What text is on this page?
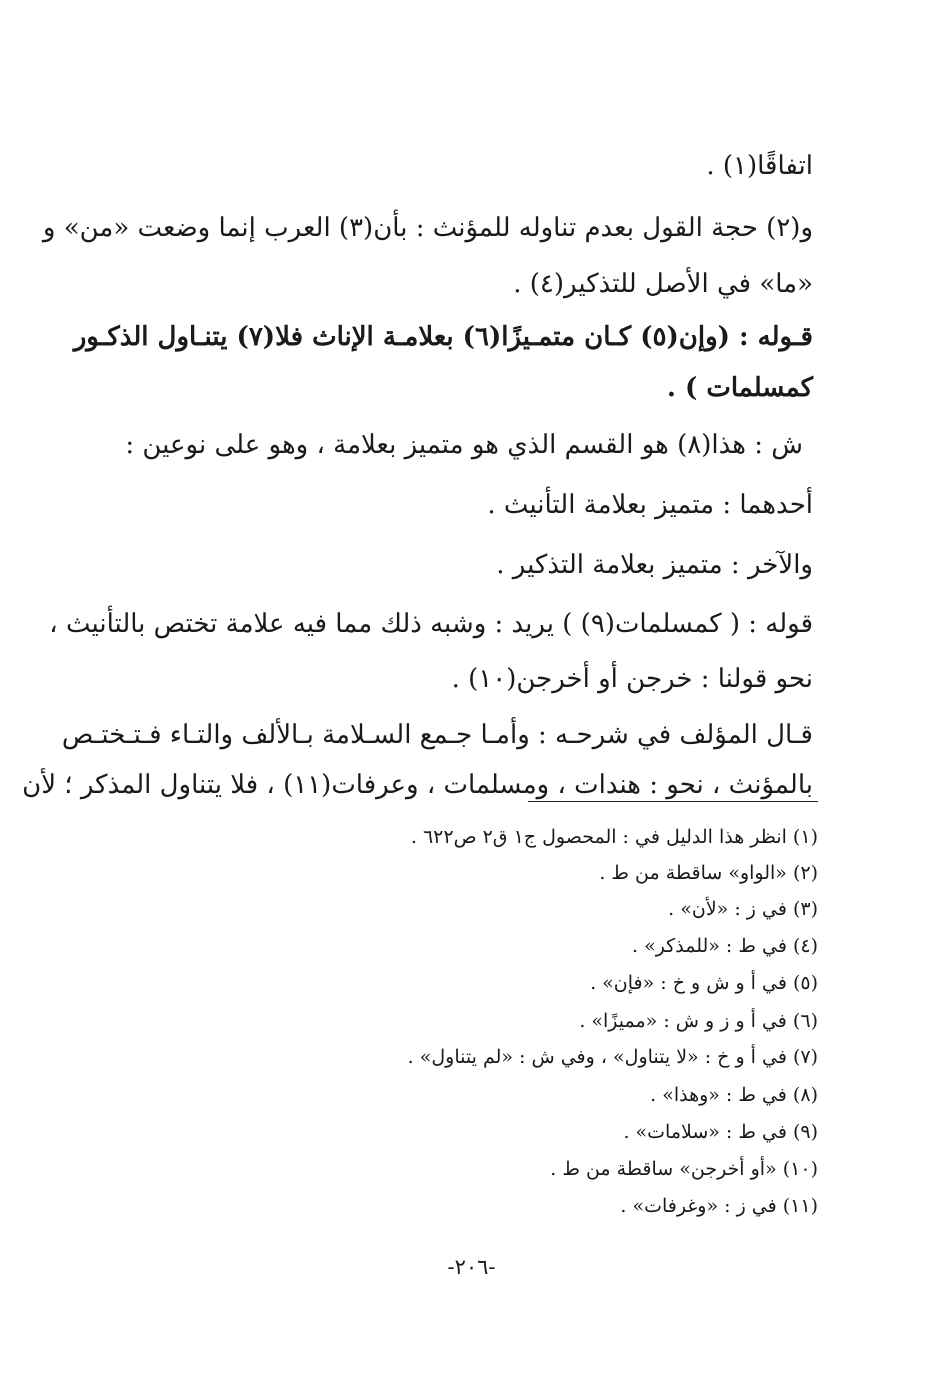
اتفاقًا(١) .
و(٢) حجة القول بعدم تناوله للمؤنث : بأن(٣) العرب إنما وضعت «من» و
«ما» في الأصل للتذكير(٤) .
قـوله : (وإن(٥) كـان متمـيزًا(٦) بعلامـة الإناث فلا(٧) يتنـاول الذكـور
كمسلمات ) .
ش : هذا(٨) هو القسم الذي هو متميز بعلامة ، وهو على نوعين :
أحدهما : متميز بعلامة التأنيث .
والآخر : متميز بعلامة التذكير .
قوله : ( كمسلمات(٩) ) يريد : وشبه ذلك مما فيه علامة تختص بالتأنيث ،
نحو قولنا : خرجن أو أخرجن(١٠) .
قـال المؤلف في شرحـه : وأمـا جـمع السـلامة بـالألف والتـاء فـتـختـص
بالمؤنث ، نحو : هندات ، ومسلمات ، وعرفات(١١) ، فلا يتناول المذكر ؛ لأن
(١) انظر هذا الدليل في : المحصول ج١ ق٢ ص٦٢٢ .
(٢) «الواو» ساقطة من ط .
(٣) في ز : «لأن» .
(٤) في ط : «للمذكر» .
(٥) في أ و ش و خ : «فإن» .
(٦) في أ و ز و ش : «مميزًا» .
(٧) في أ و خ : «لا يتناول» ، وفي ش : «لم يتناول» .
(٨) في ط : «وهذا» .
(٩) في ط : «سلامات» .
(١٠) «أو أخرجن» ساقطة من ط .
(١١) في ز : «وغرفات» .
-٢٠٦-
